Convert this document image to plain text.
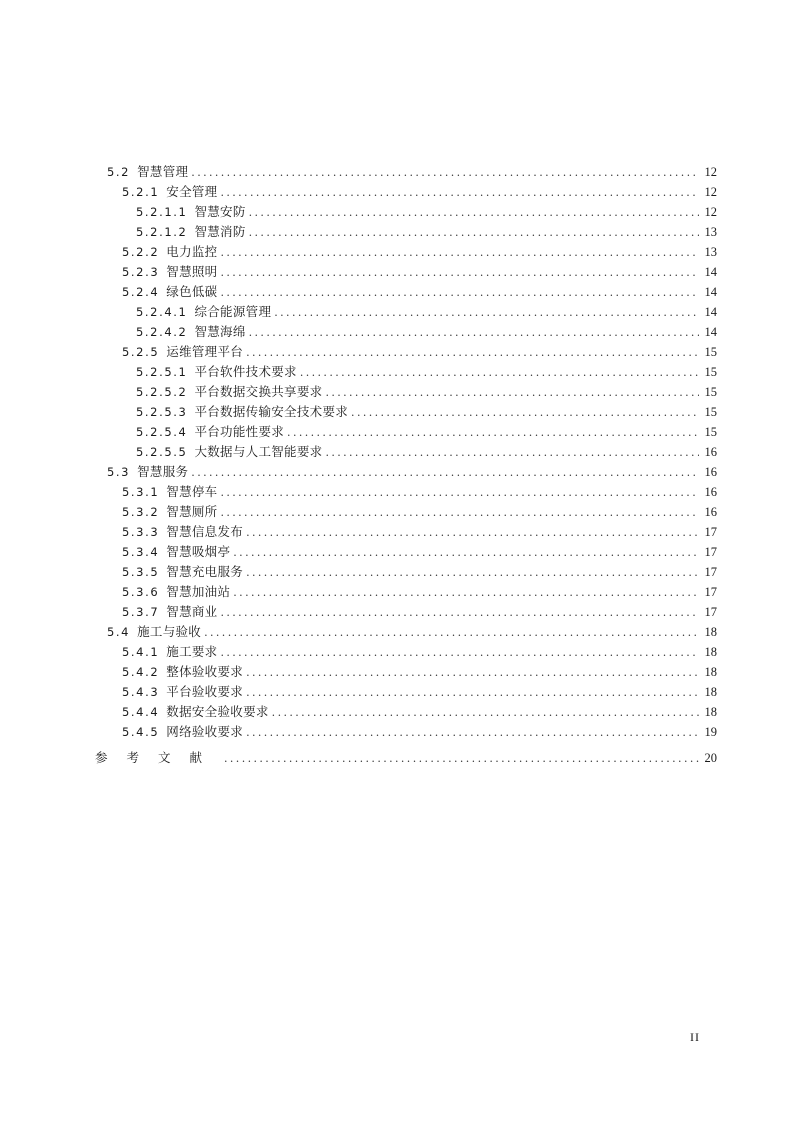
5.2 智慧管理 .....	12
5.2.1 安全管理 .....	12
5.2.1.1 智慧安防 .....	12
5.2.1.2 智慧消防 .....	13
5.2.2 电力监控 .....	13
5.2.3 智慧照明 .....	14
5.2.4 绿色低碳 .....	14
5.2.4.1 综合能源管理 .....	14
5.2.4.2 智慧海绵 .....	14
5.2.5 运维管理平台 .....	15
5.2.5.1 平台软件技术要求 .....	15
5.2.5.2 平台数据交换共享要求 .....	15
5.2.5.3 平台数据传输安全技术要求 .....	15
5.2.5.4 平台功能性要求 .....	15
5.2.5.5 大数据与人工智能要求 .....	16
5.3 智慧服务 .....	16
5.3.1 智慧停车 .....	16
5.3.2 智慧厕所 .....	16
5.3.3 智慧信息发布 .....	17
5.3.4 智慧吸烟亭 .....	17
5.3.5 智慧充电服务 .....	17
5.3.6 智慧加油站 .....	17
5.3.7 智慧商业 .....	17
5.4 施工与验收 .....	18
5.4.1 施工要求 .....	18
5.4.2 整体验收要求 .....	18
5.4.3 平台验收要求 .....	18
5.4.4 数据安全验收要求 .....	18
5.4.5 网络验收要求 .....	19
参考文献 .....	20
II
